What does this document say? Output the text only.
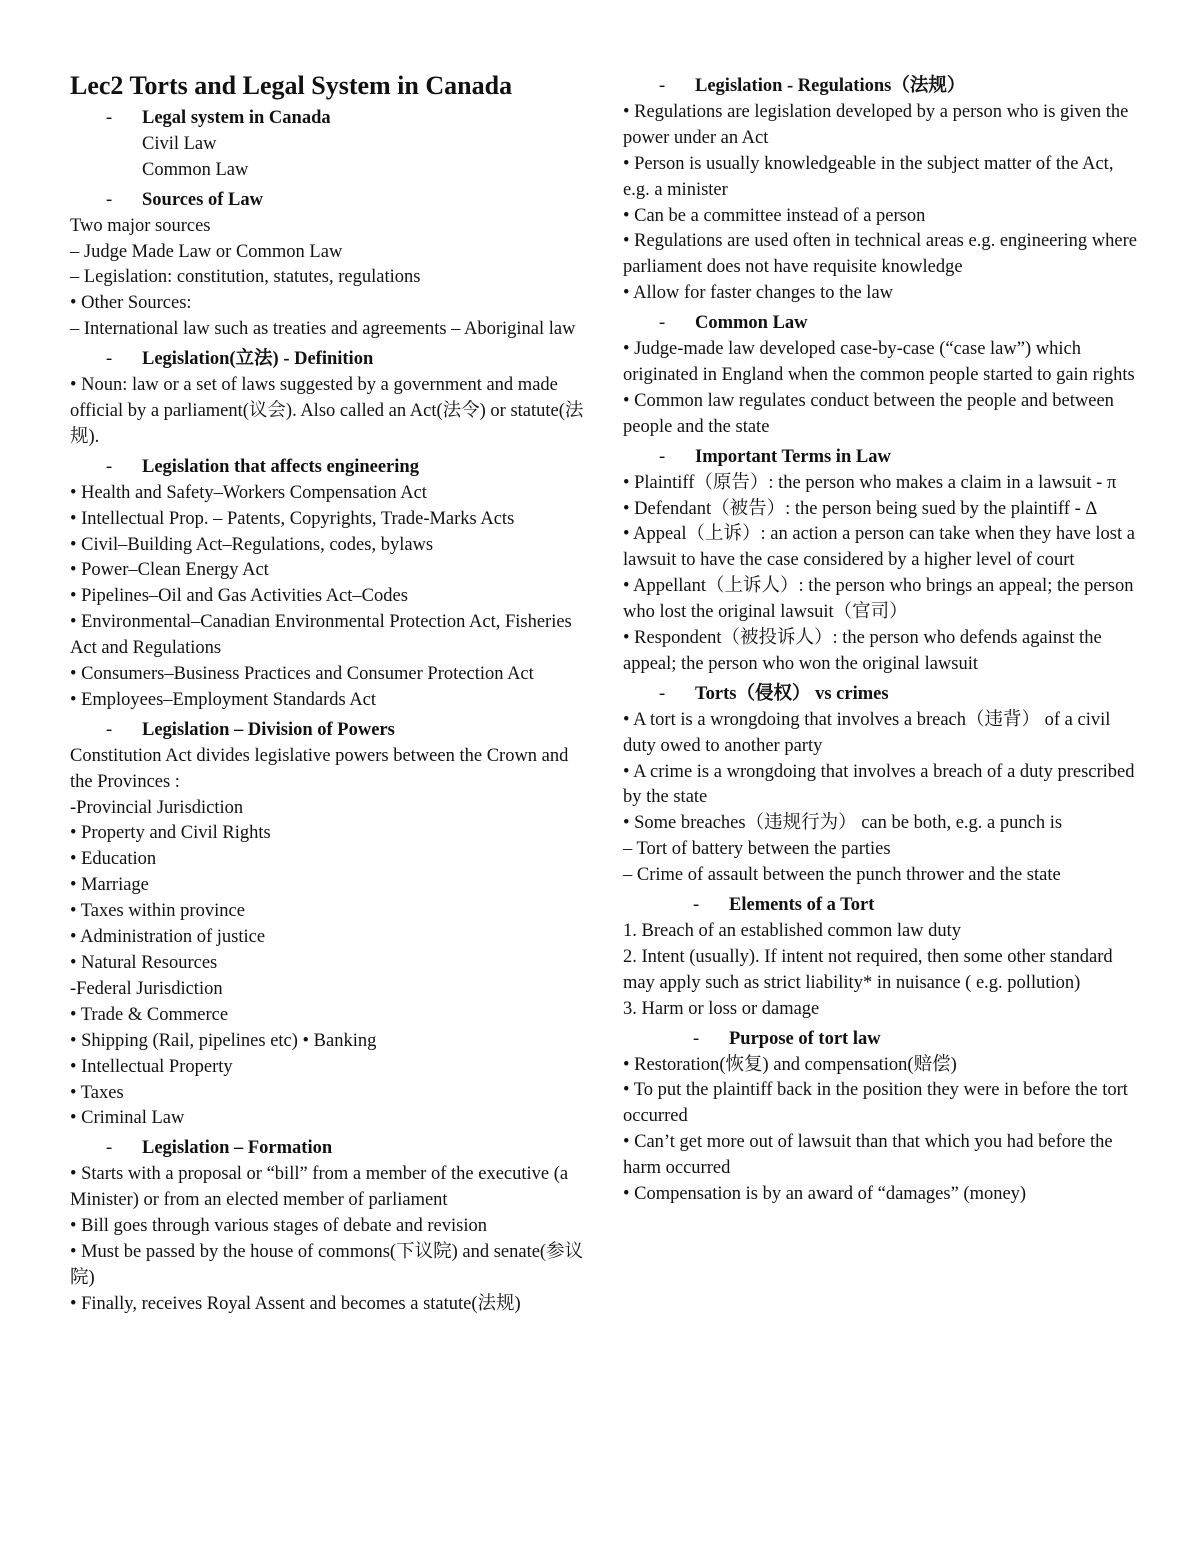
Lec2 Torts and Legal System in Canada
-	Legal system in Canada
Civil Law
Common Law
-	Sources of Law
Two major sources
– Judge Made Law or Common Law
– Legislation: constitution, statutes, regulations
• Other Sources:
– International law such as treaties and agreements – Aboriginal law
-	Legislation(立法) - Definition
• Noun: law or a set of laws suggested by a government and made official by a parliament(议会). Also called an Act(法令) or statute(法规).
-	Legislation that affects engineering
• Health and Safety–Workers Compensation Act
• Intellectual Prop. – Patents, Copyrights, Trade-Marks Acts
• Civil–Building Act–Regulations, codes, bylaws
• Power–Clean Energy Act
• Pipelines–Oil and Gas Activities Act–Codes
• Environmental–Canadian Environmental Protection Act, Fisheries Act and Regulations
• Consumers–Business Practices and Consumer Protection Act
• Employees–Employment Standards Act
-	Legislation – Division of Powers
Constitution Act divides legislative powers between the Crown and the Provinces :
-Provincial Jurisdiction
• Property and Civil Rights
• Education
• Marriage
• Taxes within province
• Administration of justice
• Natural Resources
-Federal Jurisdiction
• Trade & Commerce
• Shipping (Rail, pipelines etc) • Banking
• Intellectual Property
• Taxes
• Criminal Law
-	Legislation – Formation
• Starts with a proposal or “bill” from a member of the executive (a Minister) or from an elected member of parliament
• Bill goes through various stages of debate and revision
• Must be passed by the house of commons(下议院) and senate(参议院)
• Finally, receives Royal Assent and becomes a statute(法规)
-	Legislation - Regulations（法规）
• Regulations are legislation developed by a person who is given the power under an Act
• Person is usually knowledgeable in the subject matter of the Act, e.g. a minister
• Can be a committee instead of a person
• Regulations are used often in technical areas e.g. engineering where parliament does not have requisite knowledge
• Allow for faster changes to the law
-	Common Law
• Judge-made law developed case-by-case (“case law”) which originated in England when the common people started to gain rights
• Common law regulates conduct between the people and between people and the state
-	Important Terms in Law
• Plaintiff（原告）: the person who makes a claim in a lawsuit - π
• Defendant（被告）: the person being sued by the plaintiff - Δ
• Appeal（上诉）: an action a person can take when they have lost a lawsuit to have the case considered by a higher level of court
• Appellant（上诉人）: the person who brings an appeal; the person who lost the original lawsuit（官司）
• Respondent（被投诉人）: the person who defends against the appeal; the person who won the original lawsuit
-	Torts（侵权） vs crimes
• A tort is a wrongdoing that involves a breach（违背） of a civil duty owed to another party
• A crime is a wrongdoing that involves a breach of a duty prescribed by the state
• Some breaches（违规行为） can be both, e.g. a punch is
– Tort of battery between the parties
– Crime of assault between the punch thrower and the state
-	Elements of a Tort
1. Breach of an established common law duty
2. Intent (usually). If intent not required, then some other standard may apply such as strict liability* in nuisance ( e.g. pollution)
3. Harm or loss or damage
-	Purpose of tort law
• Restoration(恢复) and compensation(赔偿)
• To put the plaintiff back in the position they were in before the tort occurred
• Can’t get more out of lawsuit than that which you had before the harm occurred
• Compensation is by an award of “damages” (money)
